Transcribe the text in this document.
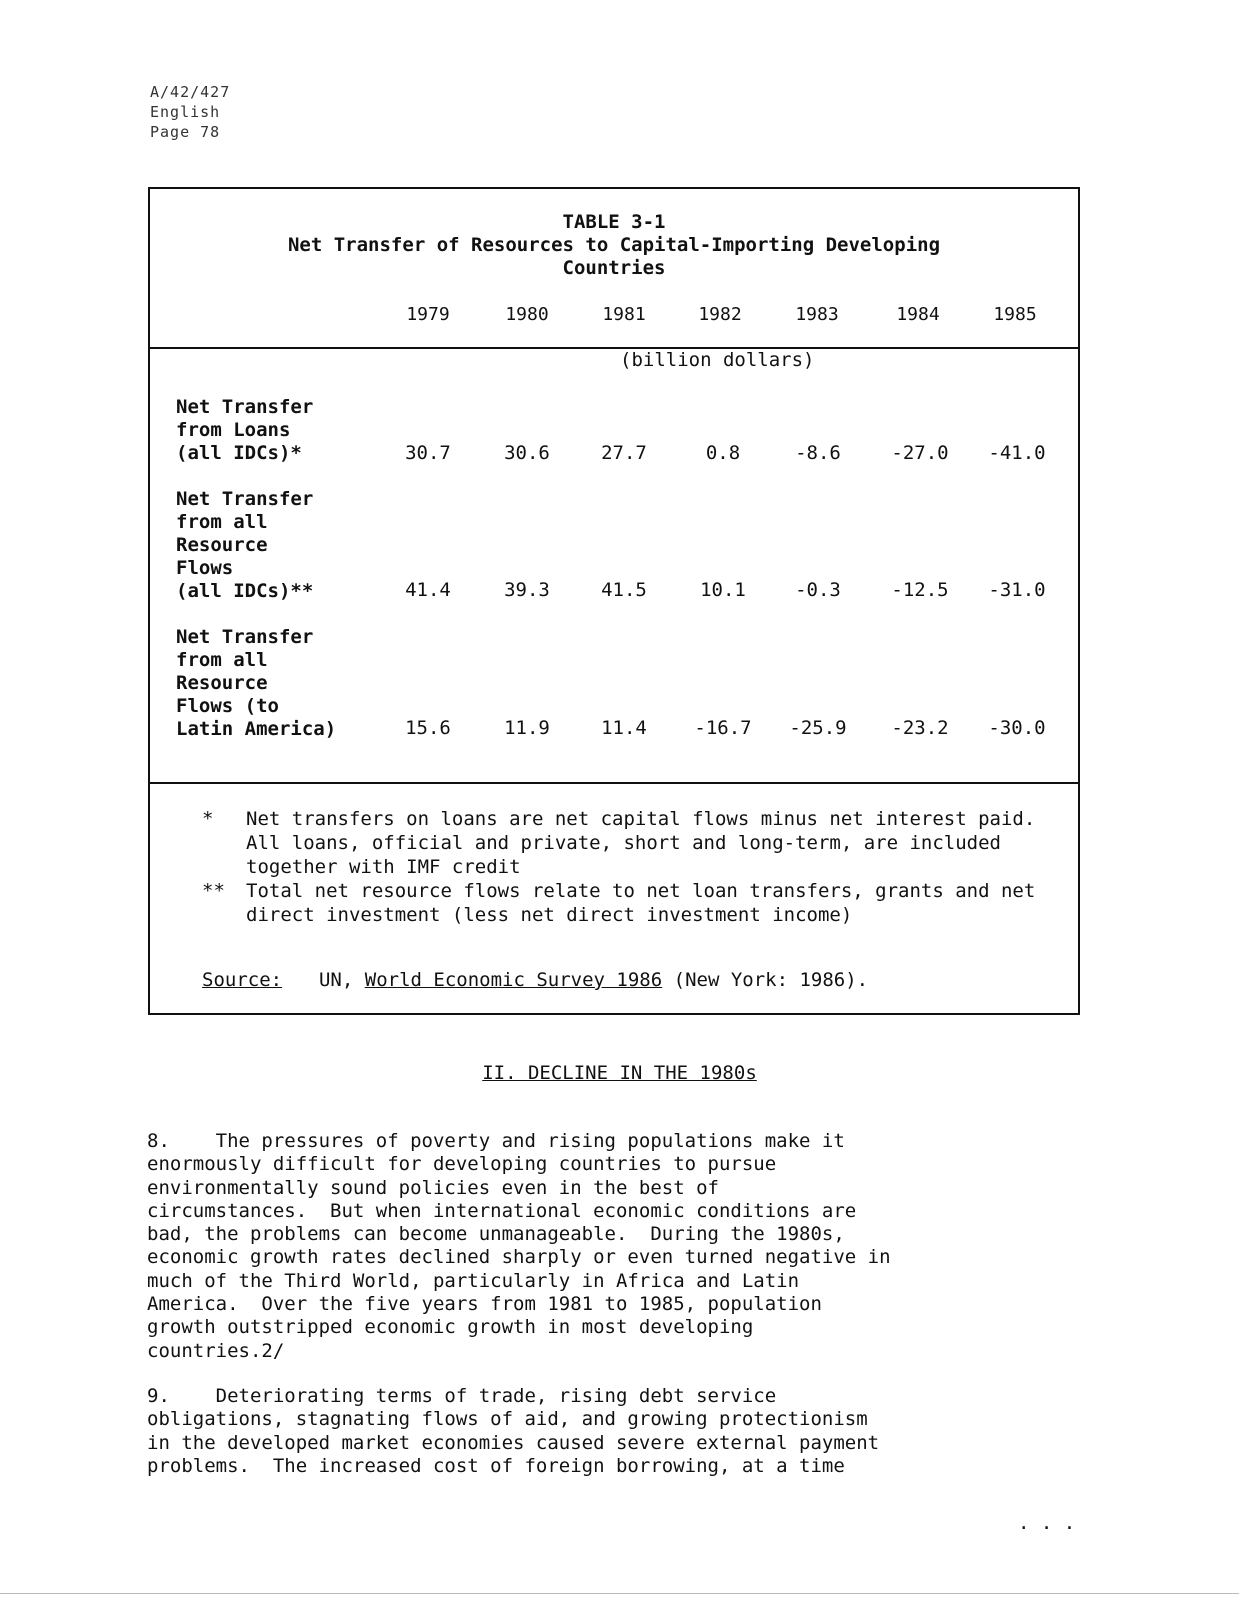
A/42/427
English
Page 78
TABLE 3-1
Net Transfer of Resources to Capital-Importing Developing
Countries
1979	1980	1981	1982	1983	1984	1985
(billion dollars)
Net Transfer
from Loans
(all IDCs)*	30.7	30.6	27.7	0.8	-8.6	-27.0	-41.0
Net Transfer
from all
Resource
Flows
(all IDCs)**	41.4	39.3	41.5	10.1	-0.3	-12.5	-31.0
Net Transfer
from all
Resource
Flows (to
Latin America)	15.6	11.9	11.4	-16.7	-25.9	-23.2	-30.0
* Net transfers on loans are net capital flows minus net interest paid. All loans, official and private, short and long-term, are included together with IMF credit
** Total net resource flows relate to net loan transfers, grants and net direct investment (less net direct investment income)
Source: UN, World Economic Survey 1986 (New York: 1986).
II. DECLINE IN THE 1980s
8.    The pressures of poverty and rising populations make it
enormously difficult for developing countries to pursue
environmentally sound policies even in the best of
circumstances.  But when international economic conditions are
bad, the problems can become unmanageable.  During the 1980s,
economic growth rates declined sharply or even turned negative in
much of the Third World, particularly in Africa and Latin
America.  Over the five years from 1981 to 1985, population
growth outstripped economic growth in most developing
countries.2/
9.    Deteriorating terms of trade, rising debt service
obligations, stagnating flows of aid, and growing protectionism
in the developed market economies caused severe external payment
problems.  The increased cost of foreign borrowing, at a time
. . .
